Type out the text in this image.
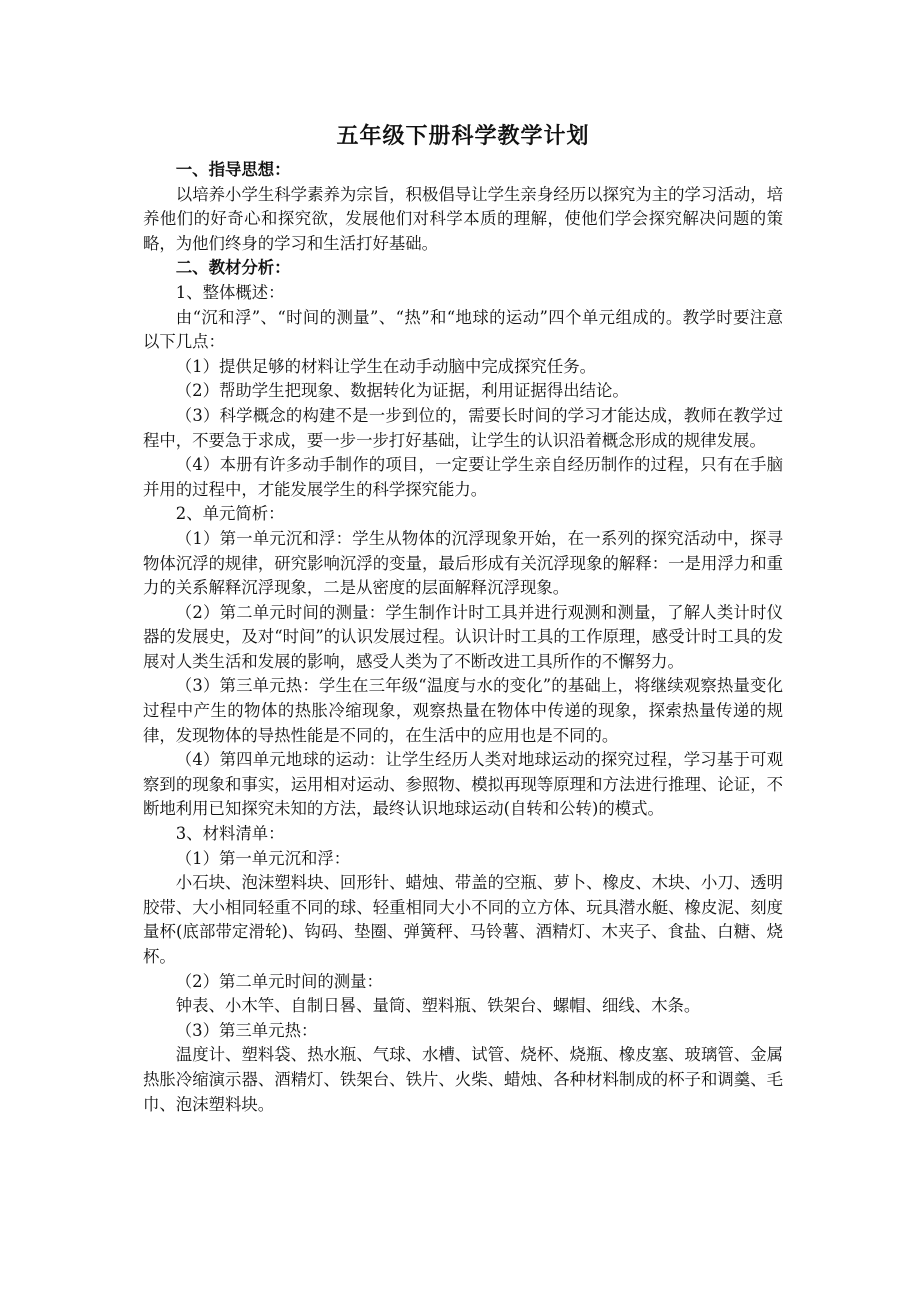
五年级下册科学教学计划

一、指导思想：

以培养小学生科学素养为宗旨，积极倡导让学生亲身经历以探究为主的学习活动，培养他们的好奇心和探究欲，发展他们对科学本质的理解，使他们学会探究解决问题的策略，为他们终身的学习和生活打好基础。

二、教材分析：

1、整体概述：

由“沉和浮”、“时间的测量”、“热”和“地球的运动”四个单元组成的。教学时要注意以下几点：

（1）提供足够的材料让学生在动手动脑中完成探究任务。

（2）帮助学生把现象、数据转化为证据，利用证据得出结论。

（3）科学概念的构建不是一步到位的，需要长时间的学习才能达成，教师在教学过程中，不要急于求成，要一步一步打好基础，让学生的认识沿着概念形成的规律发展。

（4）本册有许多动手制作的项目，一定要让学生亲自经历制作的过程，只有在手脑并用的过程中，才能发展学生的科学探究能力。

2、单元简析：

（1）第一单元沉和浮：学生从物体的沉浮现象开始，在一系列的探究活动中，探寻物体沉浮的规律，研究影响沉浮的变量，最后形成有关沉浮现象的解释：一是用浮力和重力的关系解释沉浮现象，二是从密度的层面解释沉浮现象。

（2）第二单元时间的测量：学生制作计时工具并进行观测和测量，了解人类计时仪器的发展史，及对“时间”的认识发展过程。认识计时工具的工作原理，感受计时工具的发展对人类生活和发展的影响，感受人类为了不断改进工具所作的不懈努力。

（3）第三单元热：学生在三年级“温度与水的变化”的基础上，将继续观察热量变化过程中产生的物体的热胀冷缩现象，观察热量在物体中传递的现象，探索热量传递的规律，发现物体的导热性能是不同的，在生活中的应用也是不同的。

（4）第四单元地球的运动：让学生经历人类对地球运动的探究过程，学习基于可观察到的现象和事实，运用相对运动、参照物、模拟再现等原理和方法进行推理、论证，不断地利用已知探究未知的方法，最终认识地球运动(自转和公转)的模式。

3、材料清单：

（1）第一单元沉和浮：

小石块、泡沫塑料块、回形针、蜡烛、带盖的空瓶、萝卜、橡皮、木块、小刀、透明胶带、大小相同轻重不同的球、轻重相同大小不同的立方体、玩具潜水艇、橡皮泥、刻度量杯(底部带定滑轮)、钩码、垫圈、弹簧秤、马铃薯、酒精灯、木夹子、食盐、白糖、烧杯。

（2）第二单元时间的测量：

钟表、小木竿、自制日晷、量筒、塑料瓶、铁架台、螺帽、细线、木条。

（3）第三单元热：

温度计、塑料袋、热水瓶、气球、水槽、试管、烧杯、烧瓶、橡皮塞、玻璃管、金属热胀冷缩演示器、酒精灯、铁架台、铁片、火柴、蜡烛、各种材料制成的杯子和调羹、毛巾、泡沫塑料块。
